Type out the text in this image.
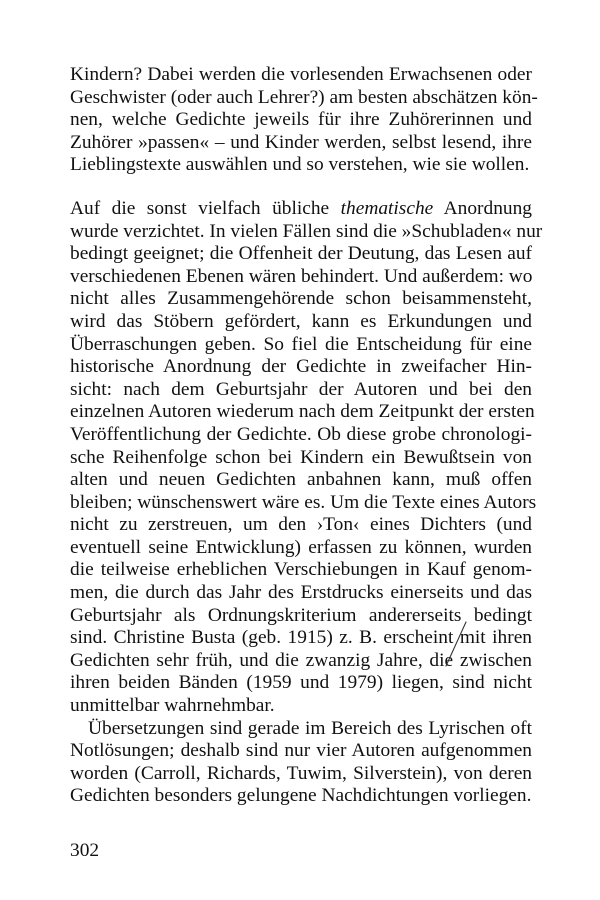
Kindern? Dabei werden die vorlesenden Erwachsenen oder
Geschwister (oder auch Lehrer?) am besten abschätzen kön-
nen, welche Gedichte jeweils für ihre Zuhörerinnen und
Zuhörer »passen« – und Kinder werden, selbst lesend, ihre
Lieblingstexte auswählen und so verstehen, wie sie wollen.
Auf die sonst vielfach übliche thematische Anordnung
wurde verzichtet. In vielen Fällen sind die »Schubladen« nur
bedingt geeignet; die Offenheit der Deutung, das Lesen auf
verschiedenen Ebenen wären behindert. Und außerdem: wo
nicht alles Zusammengehörende schon beisammensteht,
wird das Stöbern gefördert, kann es Erkundungen und
Überraschungen geben. So fiel die Entscheidung für eine
historische Anordnung der Gedichte in zweifacher Hin-
sicht: nach dem Geburtsjahr der Autoren und bei den
einzelnen Autoren wiederum nach dem Zeitpunkt der ersten
Veröffentlichung der Gedichte. Ob diese grobe chronologi-
sche Reihenfolge schon bei Kindern ein Bewußtsein von
alten und neuen Gedichten anbahnen kann, muß offen
bleiben; wünschenswert wäre es. Um die Texte eines Autors
nicht zu zerstreuen, um den ›Ton‹ eines Dichters (und
eventuell seine Entwicklung) erfassen zu können, wurden
die teilweise erheblichen Verschiebungen in Kauf genom-
men, die durch das Jahr des Erstdrucks einerseits und das
Geburtsjahr als Ordnungskriterium andererseits bedingt
sind. Christine Busta (geb. 1915) z. B. erscheint mit ihren
Gedichten sehr früh, und die zwanzig Jahre, die zwischen
ihren beiden Bänden (1959 und 1979) liegen, sind nicht
unmittelbar wahrnehmbar.
Übersetzungen sind gerade im Bereich des Lyrischen oft
Notlösungen; deshalb sind nur vier Autoren aufgenommen
worden (Carroll, Richards, Tuwim, Silverstein), von deren
Gedichten besonders gelungene Nachdichtungen vorliegen.
302
